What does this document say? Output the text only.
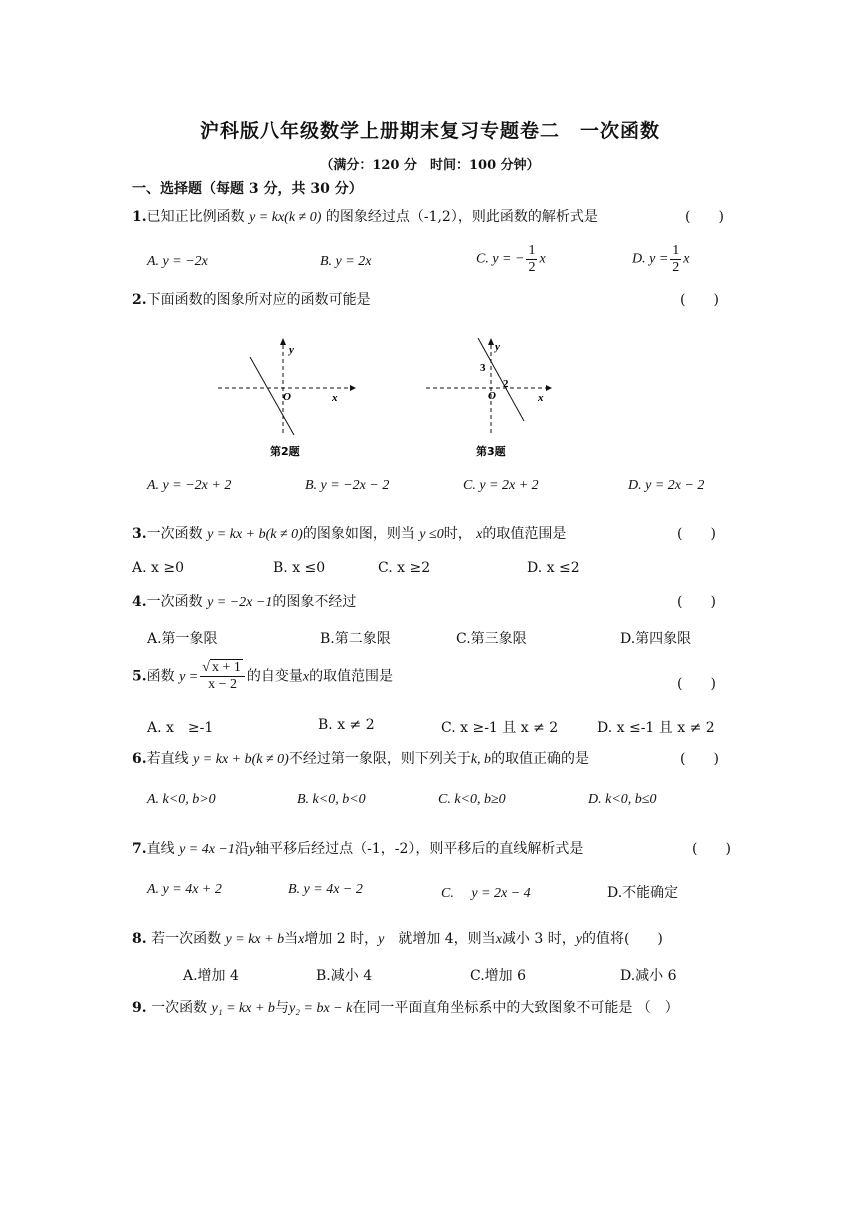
沪科版八年级数学上册期末复习专题卷二　一次函数
（满分：120 分　时间：100 分钟）
一、选择题（每题 3 分，共 30 分）
1.已知正比例函数 y = kx(k ≠ 0) 的图象经过点（-1,2），则此函数的解析式是	(　　)
A. y = −2x	B. y = 2x	C. y = − $\frac{1}{2}$ x	D. $y = \frac{1}{2}$ x
2.下面函数的图象所对应的函数可能是	(　　)
y
x
O
第2题
y
x
O
3
2
第3题
A. y = −2x + 2	B. y = −2x − 2	C. y = 2x + 2	D. y = 2x − 2
3.一次函数 y = kx + b(k ≠ 0)的图象如图，则当 y ≤0时， x的取值范围是	(　　)
A. x ≥0	B. x ≤0	C. x ≥2	D. x ≤2
4.一次函数 y = −2x −1的图象不经过	(　　)
A.第一象限	B.第二象限	C.第三象限	D.第四象限
5.函数 $y = \frac{√ x + 1}{x - 2}$ 的自变量x的取值范围是	(　　)
A. x　≥-1	B. x ≠ 2	C. x ≥-1 且 x ≠ 2	D. x ≤-1 且 x ≠ 2
6.若直线 y = kx + b(k ≠ 0)不经过第一象限，则下列关于k, b的取值正确的是	(　　)
A. k<0, b>0	B. k<0, b<0	C. k<0, b≥0	D. k<0, b≤0
7.直线 y = 4x −1沿y轴平移后经过点（-1，-2），则平移后的直线解析式是	(　　)
A. y = 4x + 2	B. y = 4x − 2	C.　 y = 2x − 4	D.不能确定
8. 若一次函数 y = kx + b当x增加 2 时，y　就增加 4，则当x减小 3 时，y的值将(　　)
A.增加 4	B.减小 4	C.增加 6	D.减小 6
9. 一次函数 y₁ = kx + b与y₂ = bx − k在同一平面直角坐标系中的大致图象不可能是 （　）
